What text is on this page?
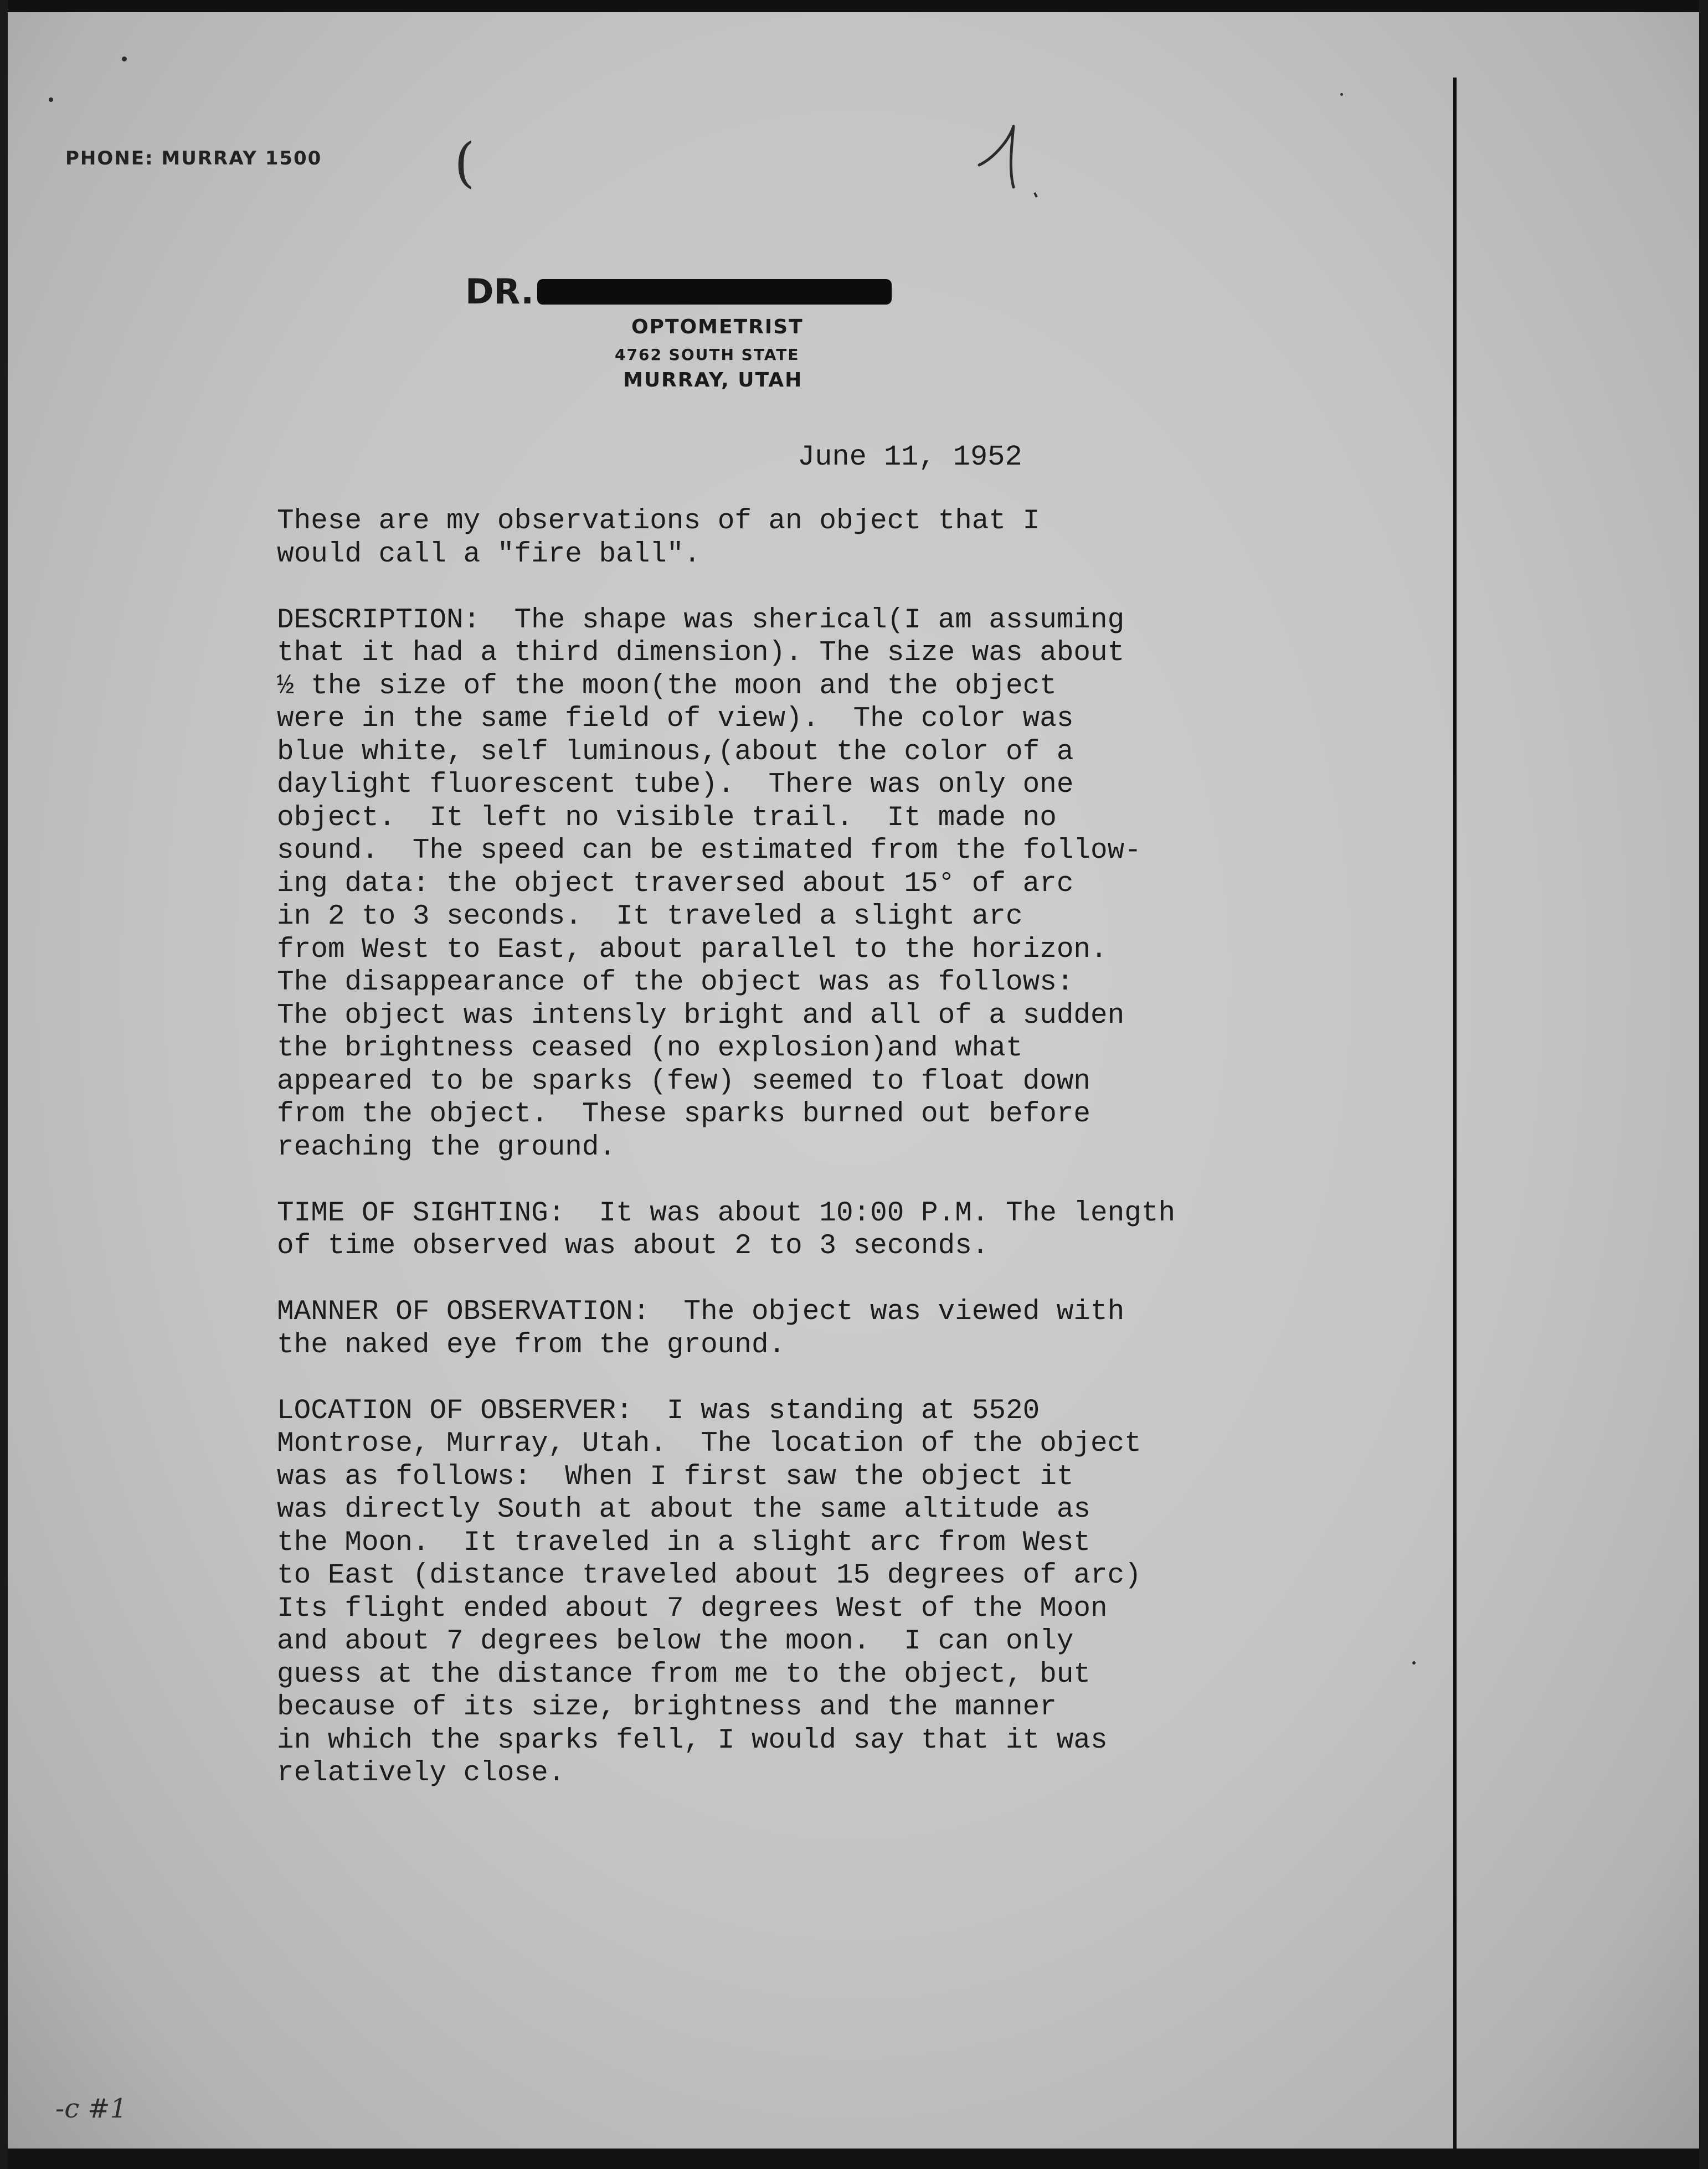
PHONE: MURRAY 1500 (
DR.
OPTOMETRIST
4762 SOUTH STATE
MURRAY, UTAH
June 11, 1952
These are my observations of an object that I
would call a "fire ball".
DESCRIPTION:  The shape was sherical(I am assuming
that it had a third dimension). The size was about
½ the size of the moon(the moon and the object
were in the same field of view).  The color was
blue white, self luminous,(about the color of a
daylight fluorescent tube).  There was only one
object.  It left no visible trail.  It made no
sound.  The speed can be estimated from the follow-
ing data: the object traversed about 15° of arc
in 2 to 3 seconds.  It traveled a slight arc
from West to East, about parallel to the horizon.
The disappearance of the object was as follows:
The object was intensly bright and all of a sudden
the brightness ceased (no explosion)and what
appeared to be sparks (few) seemed to float down
from the object.  These sparks burned out before
reaching the ground.
TIME OF SIGHTING:  It was about 10:00 P.M. The length
of time observed was about 2 to 3 seconds.
MANNER OF OBSERVATION:  The object was viewed with
the naked eye from the ground.
LOCATION OF OBSERVER:  I was standing at 5520
Montrose, Murray, Utah.  The location of the object
was as follows:  When I first saw the object it
was directly South at about the same altitude as
the Moon.  It traveled in a slight arc from West
to East (distance traveled about 15 degrees of arc)
Its flight ended about 7 degrees West of the Moon
and about 7 degrees below the moon.  I can only
guess at the distance from me to the object, but
because of its size, brightness and the manner
in which the sparks fell, I would say that it was
relatively close.
-c #1
